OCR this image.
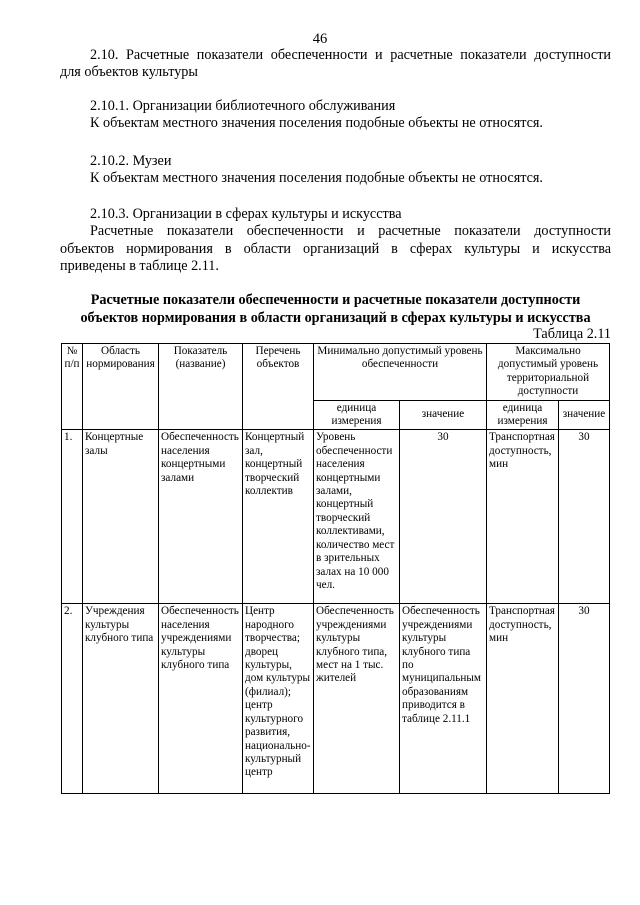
46

2.10. Расчетные показатели обеспеченности и расчетные показатели доступности

для объектов культуры

2.10.1. Организации библиотечного обслуживания

К объектам местного значения поселения подобные объекты не относятся.

2.10.2. Музеи

К объектам местного значения поселения подобные объекты не относятся.

2.10.3. Организации в сферах культуры и искусства

Расчетные показатели обеспеченности и расчетные показатели доступности

объектов нормирования в области организаций в сферах культуры и искусства

приведены в таблице 2.11.

Расчетные показатели обеспеченности и расчетные показатели доступности
объектов нормирования в области организаций в сферах культуры и искусства
Таблица 2.11
№ п/п	Область нормирования	Показатель (название)	Перечень объектов	Минимально допустимый уровень обеспеченности		Максимально допустимый уровень территориальной доступности	
				единица измерения	значение	единица измерения	значение
1.	Концертные залы	Обеспеченность населения концертными залами	Концертный зал, концертный творческий коллектив	Уровень обеспеченности населения концертными залами, концертный творческий коллективами, количество мест в зрительных залах на 10 000 чел.	30	Транспортная доступность, мин	30
2.	Учреждения культуры клубного типа	Обеспеченность населения учреждениями культуры клубного типа	Центр народного творчества; дворец культуры, дом культуры (филиал); центр культурного развития, национально-культурный центр	Обеспеченность учреждениями культуры клубного типа, мест на 1 тыс. жителей	Обеспеченность учреждениями культуры клубного типа по муниципальным образованиям приводится в таблице 2.11.1	Транспортная доступность, мин	30
